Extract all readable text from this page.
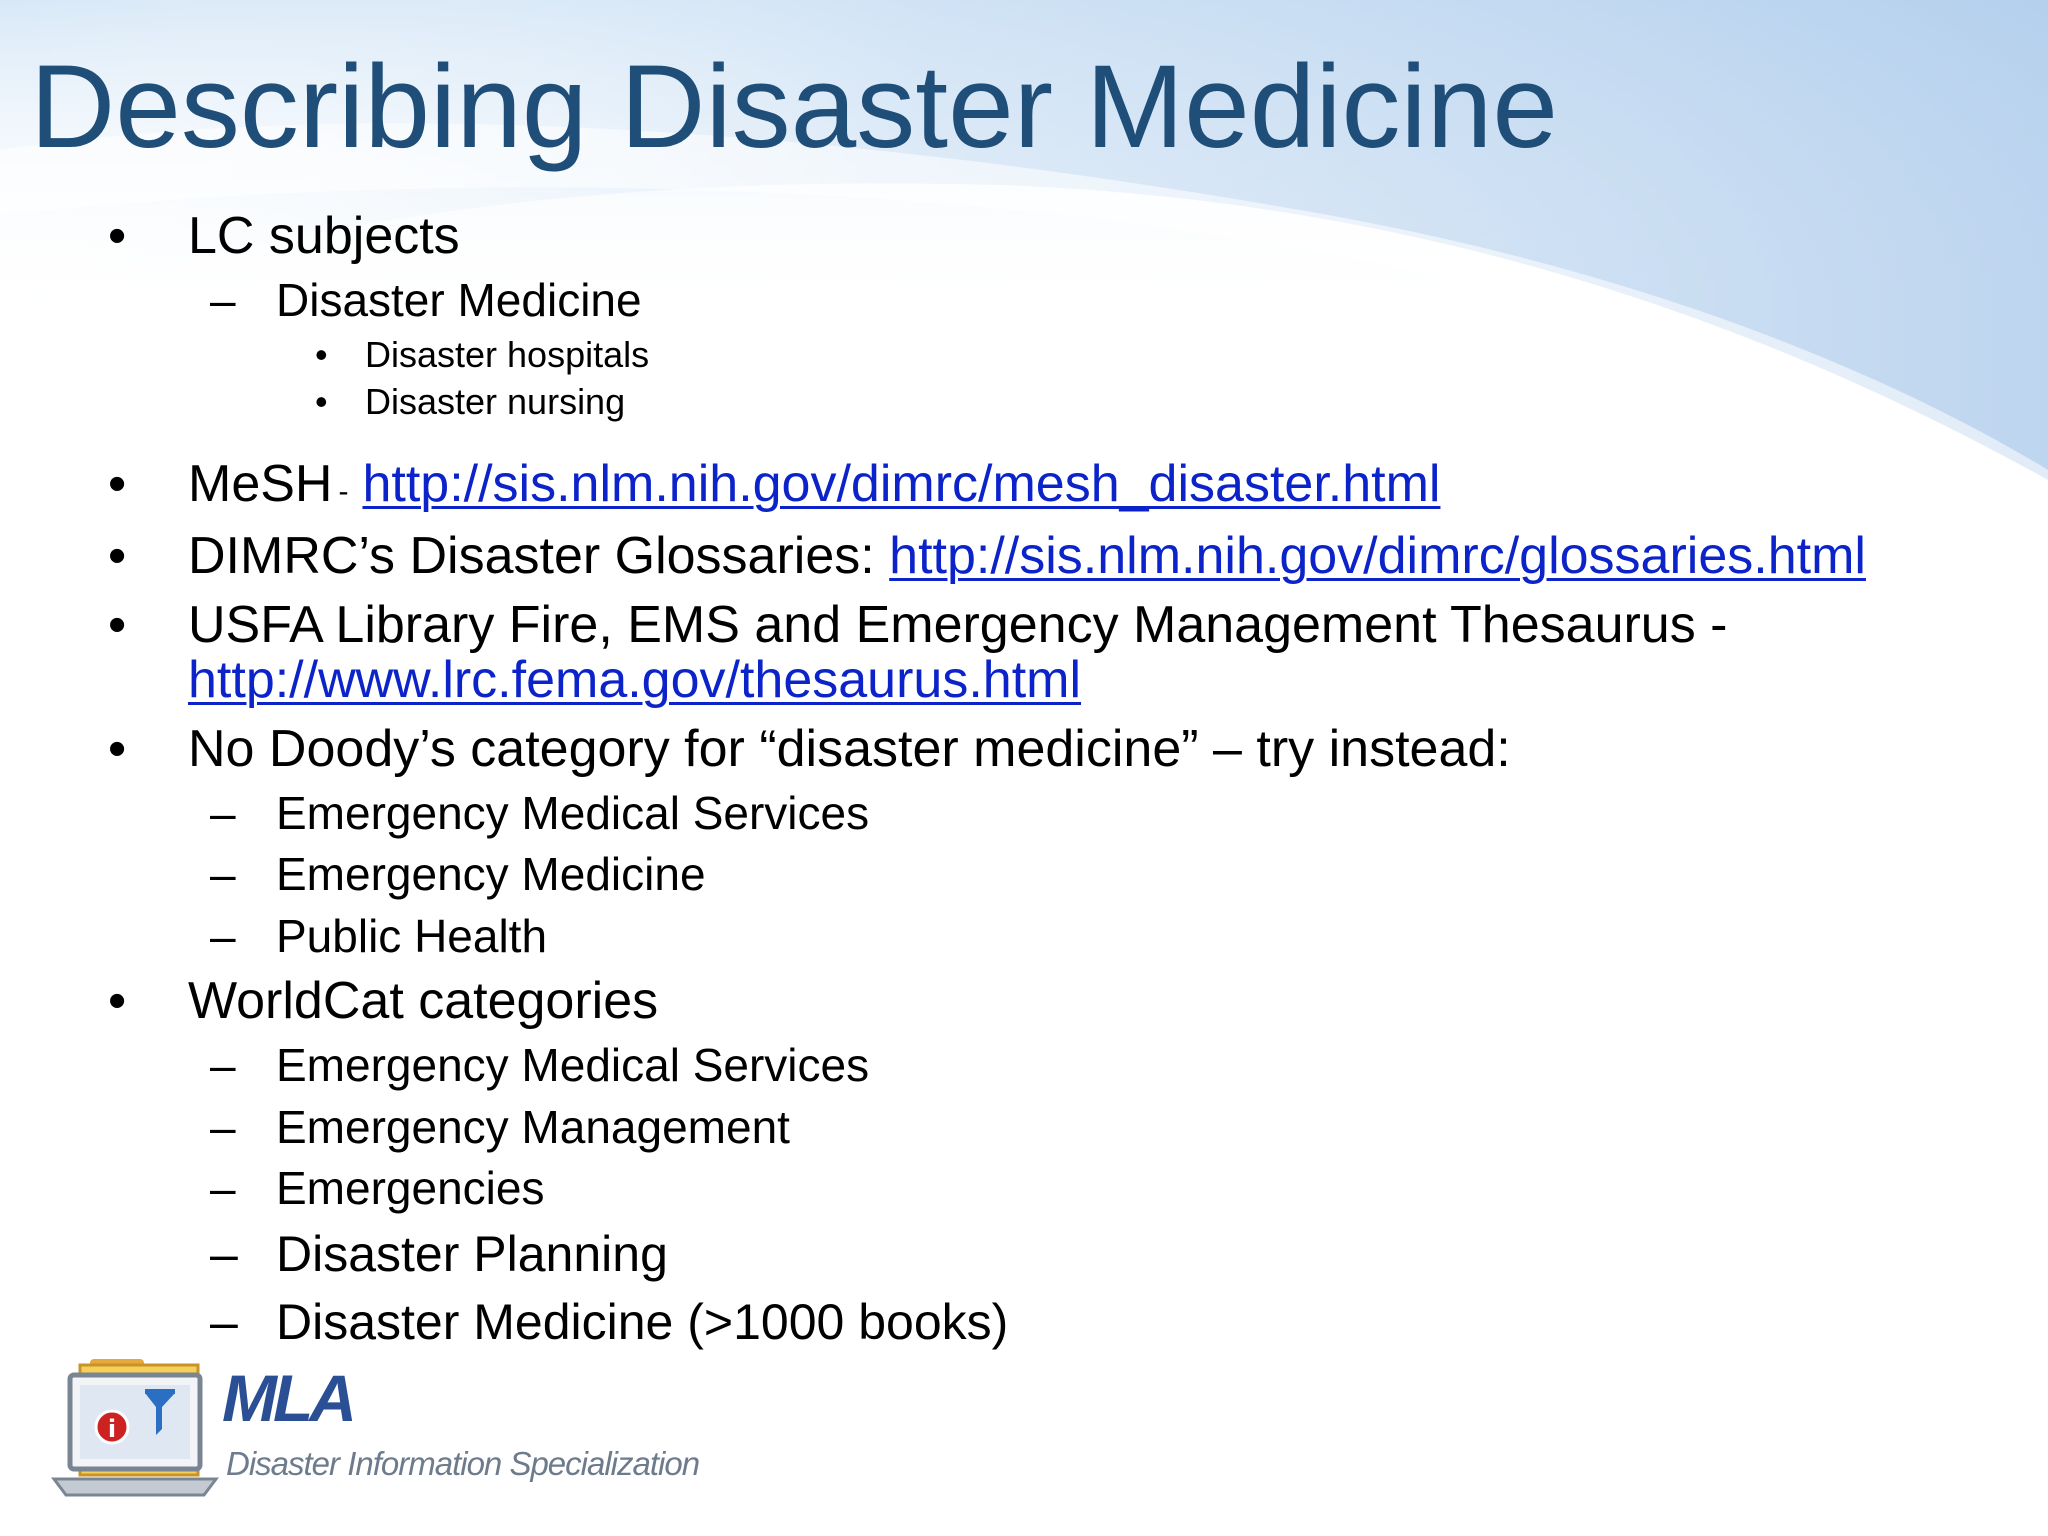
Describing Disaster Medicine
• LC subjects
– Disaster Medicine
• Disaster hospitals
• Disaster nursing
• MeSH - http://sis.nlm.nih.gov/dimrc/mesh_disaster.html
• DIMRC’s Disaster Glossaries: http://sis.nlm.nih.gov/dimrc/glossaries.html
• USFA Library Fire, EMS and Emergency Management Thesaurus -
http://www.lrc.fema.gov/thesaurus.html
• No Doody’s category for “disaster medicine” – try instead:
– Emergency Medical Services
– Emergency Medicine
– Public Health
• WorldCat categories
– Emergency Medical Services
– Emergency Management
– Emergencies
– Disaster Planning
– Disaster Medicine (>1000 books)
i MLA
Disaster Information Specialization
